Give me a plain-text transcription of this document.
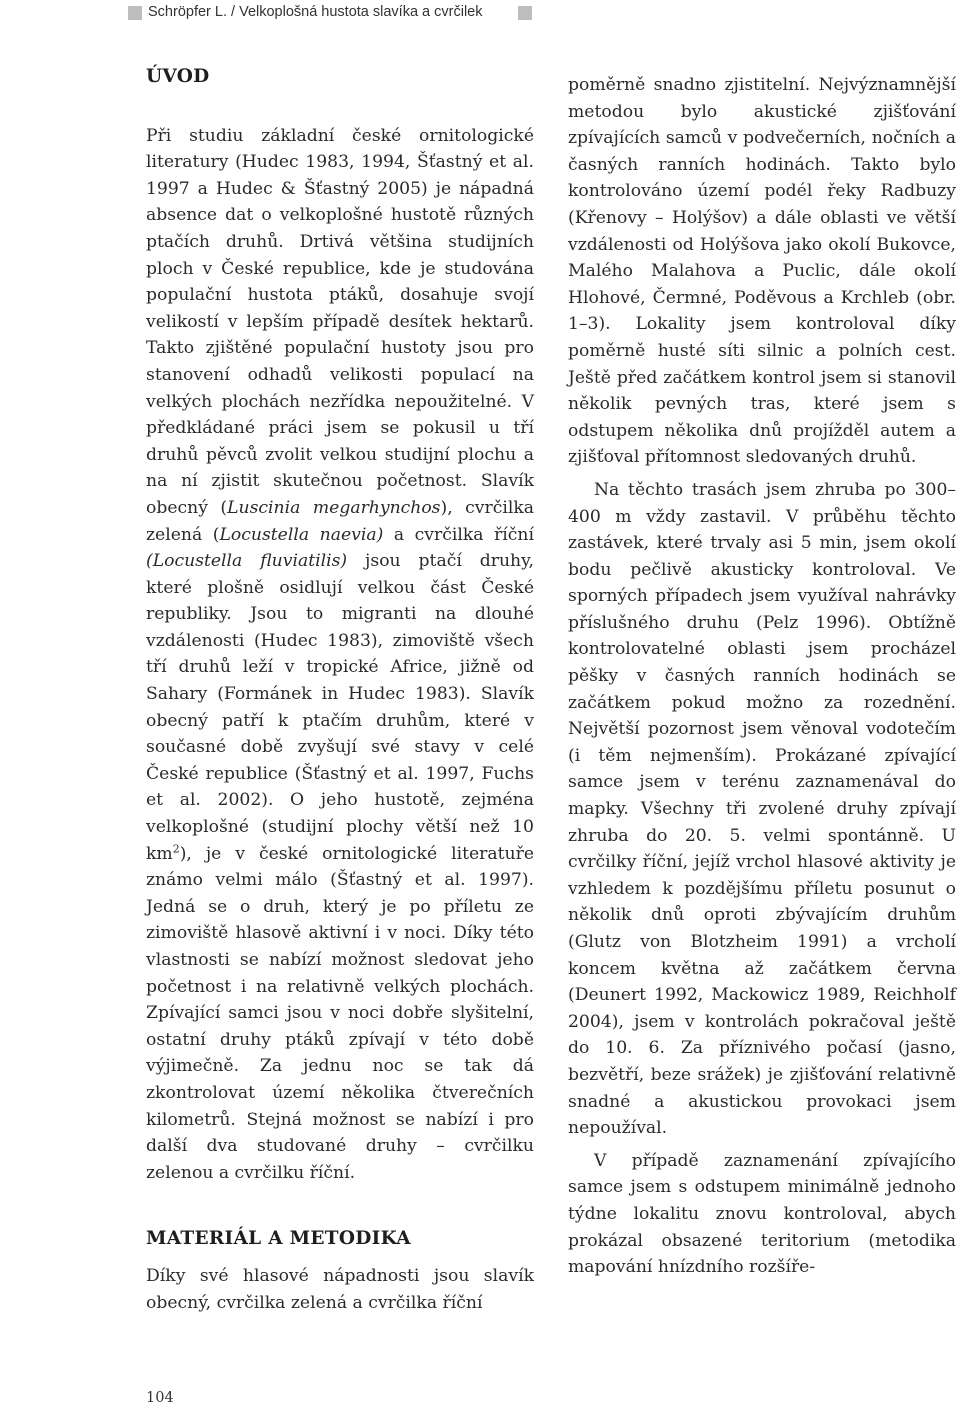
Schröpfer L. / Velkoplošná hustota slavíka a cvrčilek
ÚVOD

Při studiu základní české ornitologické literatury (Hudec 1983, 1994, Šťastný et al. 1997 a Hudec & Šťastný 2005) je nápadná absence dat o velkoplošné hustotě různých ptačích druhů. Drtivá většina studijních ploch v České republice, kde je studována populační hustota ptáků, dosahuje svojí velikostí v lepším případě desítek hektarů. Takto zjištěné populační hustoty jsou pro stanovení odhadů velikosti populací na velkých plochách nezřídka nepoužitelné. V předkládané práci jsem se pokusil u tří druhů pěvců zvolit velkou studijní plochu a na ní zjistit skutečnou početnost. Slavík obecný (Luscinia megarhynchos), cvrčilka zelená (Locustella naevia) a cvrčilka říční (Locustella fluviatilis) jsou ptačí druhy, které plošně osidlují velkou část České republiky. Jsou to migranti na dlouhé vzdálenosti (Hudec 1983), zimoviště všech tří druhů leží v tropické Africe, jižně od Sahary (Formánek in Hudec 1983). Slavík obecný patří k ptačím druhům, které v současné době zvyšují své stavy v celé České republice (Šťastný et al. 1997, Fuchs et al. 2002). O jeho hustotě, zejména velkoplošné (studijní plochy větší než 10 $km^2$), je v české ornitologické literatuře známo velmi málo (Šťastný et al. 1997). Jedná se o druh, který je po příletu ze zimoviště hlasově aktivní i v noci. Díky této vlastnosti se nabízí možnost sledovat jeho početnost i na relativně velkých plochách. Zpívající samci jsou v noci dobře slyšitelní, ostatní druhy ptáků zpívají v této době výjimečně. Za jednu noc se tak dá zkontrolovat území několika čtverečních kilometrů. Stejná možnost se nabízí i pro další dva studované druhy – cvrčilku zelenou a cvrčilku říční.

MATERIÁL A METODIKA

Díky své hlasové nápadnosti jsou slavík obecný, cvrčilka zelená a cvrčilka říční

poměrně snadno zjistitelní. Nejvýznamnější metodou bylo akustické zjišťování zpívajících samců v podvečerních, nočních a časných ranních hodinách. Takto bylo kontrolováno území podél řeky Radbuzy (Křenovy – Holýšov) a dále oblasti ve větší vzdálenosti od Holýšova jako okolí Bukovce, Malého Malahova a Puclic, dále okolí Hlohové, Čermné, Poděvous a Krchleb (obr. 1–3). Lokality jsem kontroloval díky poměrně husté síti silnic a polních cest. Ještě před začátkem kontrol jsem si stanovil několik pevných tras, které jsem s odstupem několika dnů projížděl autem a zjišťoval přítomnost sledovaných druhů.

Na těchto trasách jsem zhruba po 300–400 m vždy zastavil. V průběhu těchto zastávek, které trvaly asi 5 min, jsem okolí bodu pečlivě akusticky kontroloval. Ve sporných případech jsem využíval nahrávky příslušného druhu (Pelz 1996). Obtížně kontrolovatelné oblasti jsem procházel pěšky v časných ranních hodinách se začátkem pokud možno za rozednění. Největší pozornost jsem věnoval vodotečím (i těm nejmenším). Prokázané zpívající samce jsem v terénu zaznamenával do mapky. Všechny tři zvolené druhy zpívají zhruba do 20. 5. velmi spontánně. U cvrčilky říční, jejíž vrchol hlasové aktivity je vzhledem k pozdějšímu příletu posunut o několik dnů oproti zbývajícím druhům (Glutz von Blotzheim 1991) a vrcholí koncem května až začátkem června (Deunert 1992, Mackowicz 1989, Reichholf 2004), jsem v kontrolách pokračoval ještě do 10. 6. Za příznivého počasí (jasno, bezvětří, beze srážek) je zjišťování relativně snadné a akustickou provokaci jsem nepoužíval.

V případě zaznamenání zpívajícího samce jsem s odstupem minimálně jednoho týdne lokalitu znovu kontroloval, abych prokázal obsazené teritorium (metodika mapování hnízdního rozšíře-

104
